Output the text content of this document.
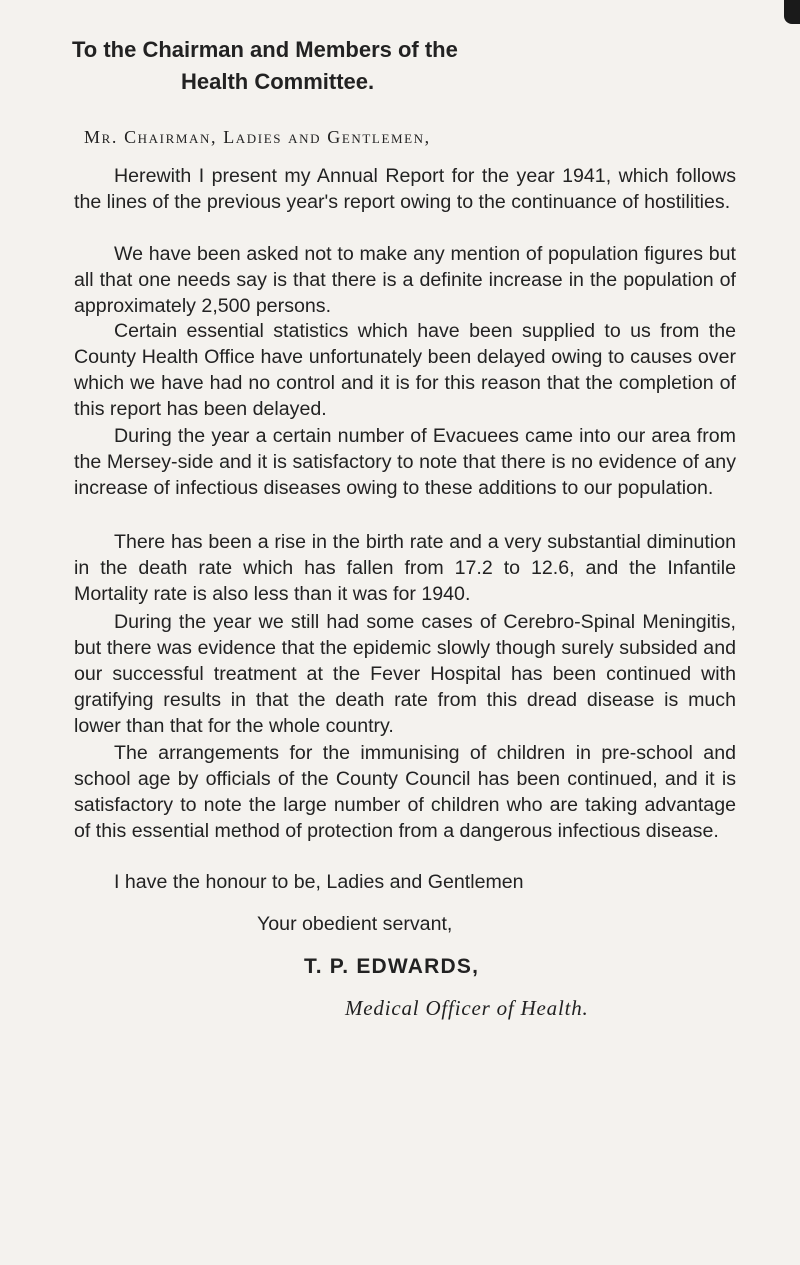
To the Chairman and Members of the
Health Committee.
Mr. Chairman, Ladies and Gentlemen,

Herewith I present my Annual Report for the year 1941, which follows the lines of the previous year's report owing to the continuance of hostilities.

We have been asked not to make any mention of population figures but all that one needs say is that there is a definite increase in the population of approximately 2,500 persons.

Certain essential statistics which have been supplied to us from the County Health Office have unfortunately been delayed owing to causes over which we have had no control and it is for this reason that the completion of this report has been delayed.

During the year a certain number of Evacuees came into our area from the Mersey-side and it is satisfactory to note that there is no evidence of any increase of infectious diseases owing to these additions to our population.

There has been a rise in the birth rate and a very substantial diminution in the death rate which has fallen from 17.2 to 12.6, and the Infantile Mortality rate is also less than it was for 1940.

During the year we still had some cases of Cerebro-Spinal Meningitis, but there was evidence that the epidemic slowly though surely subsided and our successful treatment at the Fever Hospital has been continued with gratifying results in that the death rate from this dread disease is much lower than that for the whole country.

The arrangements for the immunising of children in pre-school and school age by officials of the County Council has been continued, and it is satisfactory to note the large number of children who are taking advantage of this essential method of protection from a dangerous infectious disease.

I have the honour to be, Ladies and Gentlemen
Your obedient servant,
T. P. EDWARDS,
Medical Officer of Health.
